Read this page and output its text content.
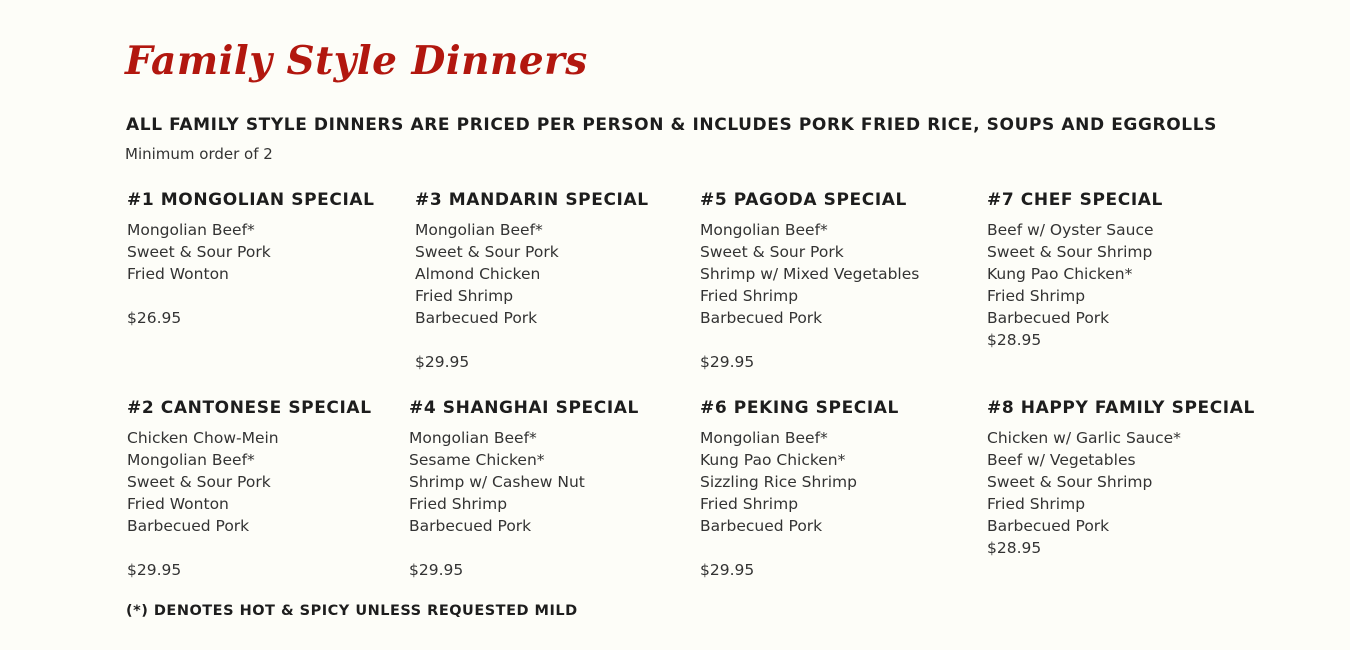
Family Style Dinners
ALL FAMILY STYLE DINNERS ARE PRICED PER PERSON & INCLUDES PORK FRIED RICE, SOUPS AND EGGROLLS
Minimum order of 2
#1 MONGOLIAN SPECIAL
Mongolian Beef*
Sweet & Sour Pork
Fried Wonton
$26.95
#3 MANDARIN SPECIAL
Mongolian Beef*
Sweet & Sour Pork
Almond Chicken
Fried Shrimp
Barbecued Pork
$29.95
#5 PAGODA SPECIAL
Mongolian Beef*
Sweet & Sour Pork
Shrimp w/ Mixed Vegetables
Fried Shrimp
Barbecued Pork
$29.95
#7 CHEF SPECIAL
Beef w/ Oyster Sauce
Sweet & Sour Shrimp
Kung Pao Chicken*
Fried Shrimp
Barbecued Pork
$28.95
#2 CANTONESE SPECIAL
Chicken Chow-Mein
Mongolian Beef*
Sweet & Sour Pork
Fried Wonton
Barbecued Pork
$29.95
#4 SHANGHAI SPECIAL
Mongolian Beef*
Sesame Chicken*
Shrimp w/ Cashew Nut
Fried Shrimp
Barbecued Pork
$29.95
#6 PEKING SPECIAL
Mongolian Beef*
Kung Pao Chicken*
Sizzling Rice Shrimp
Fried Shrimp
Barbecued Pork
$29.95
#8 HAPPY FAMILY SPECIAL
Chicken w/ Garlic Sauce*
Beef w/ Vegetables
Sweet & Sour Shrimp
Fried Shrimp
Barbecued Pork
$28.95
(*) DENOTES HOT & SPICY UNLESS REQUESTED MILD
